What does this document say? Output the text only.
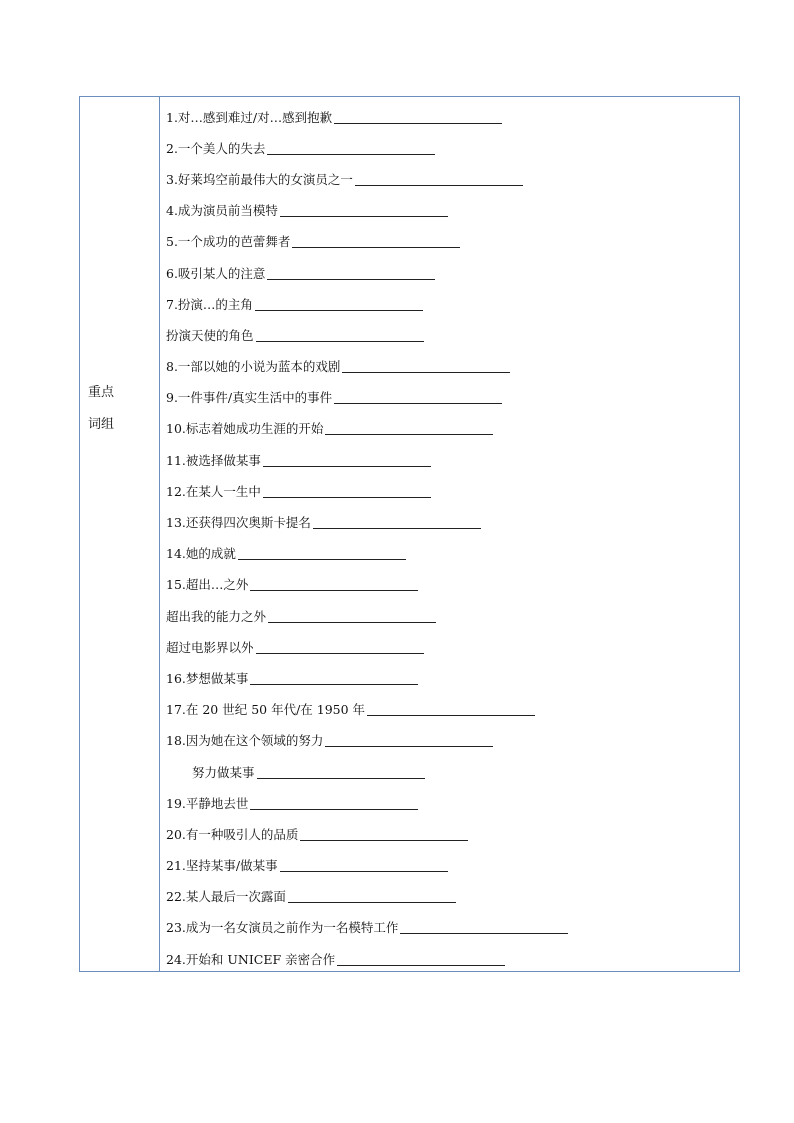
重点
词组
1.对…感到难过/对…感到抱歉
2.一个美人的失去
3.好莱坞空前最伟大的女演员之一
4.成为演员前当模特
5.一个成功的芭蕾舞者
6.吸引某人的注意
7.扮演…的主角
扮演天使的角色
8.一部以她的小说为蓝本的戏剧
9.一件事件/真实生活中的事件
10.标志着她成功生涯的开始
11.被选择做某事
12.在某人一生中
13.还获得四次奥斯卡提名
14.她的成就
15.超出…之外
超出我的能力之外
超过电影界以外
16.梦想做某事
17.在 20 世纪 50 年代/在 1950 年
18.因为她在这个领域的努力
努力做某事
19.平静地去世
20.有一种吸引人的品质
21.坚持某事/做某事
22.某人最后一次露面
23.成为一名女演员之前作为一名模特工作
24.开始和 UNICEF 亲密合作
